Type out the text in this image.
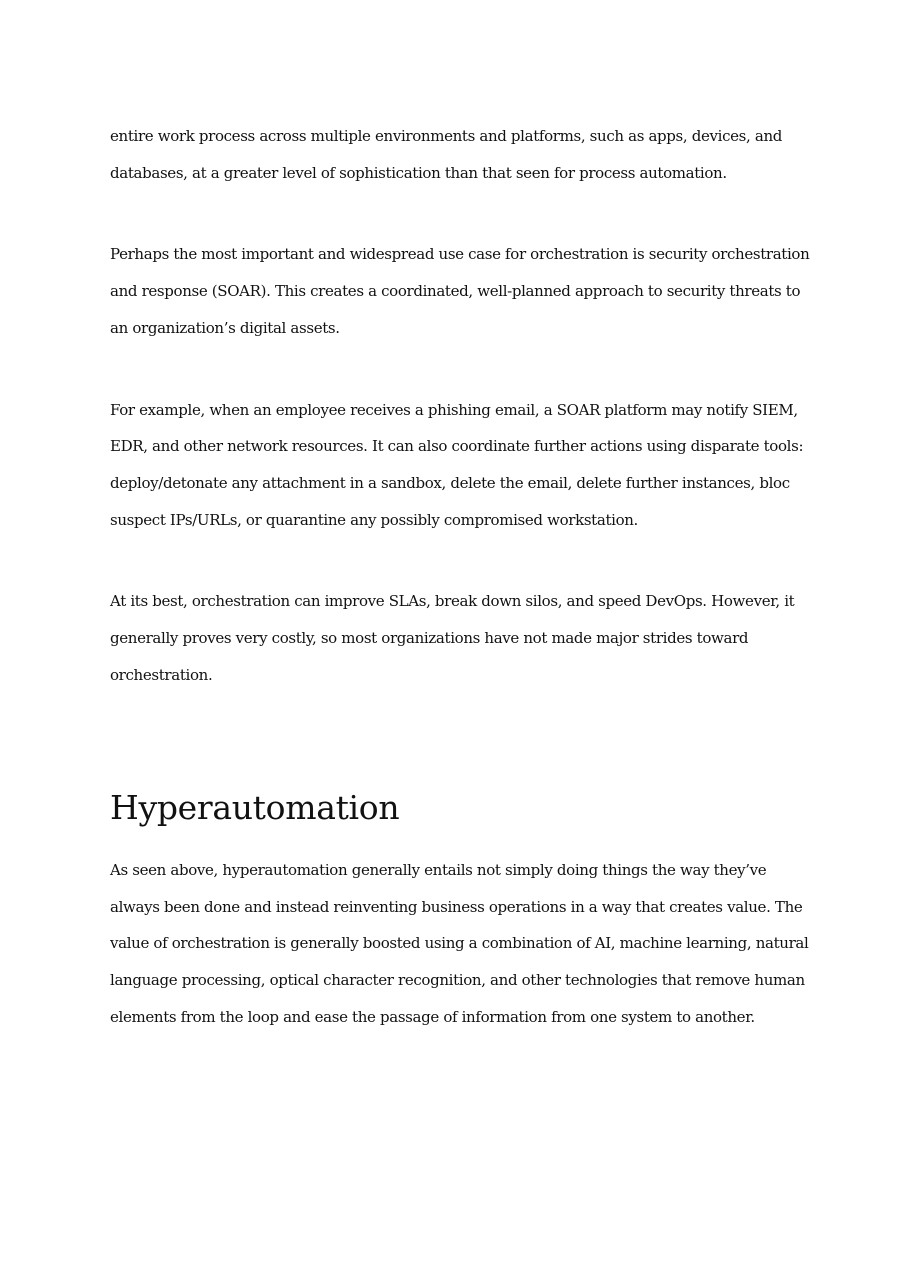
entire work process across multiple environments and platforms, such as apps, devices, and
databases, at a greater level of sophistication than that seen for process automation.

Perhaps the most important and widespread use case for orchestration is security orchestration
and response (SOAR). This creates a coordinated, well-planned approach to security threats to
an organization’s digital assets.

For example, when an employee receives a phishing email, a SOAR platform may notify SIEM,
EDR, and other network resources. It can also coordinate further actions using disparate tools:
deploy/detonate any attachment in a sandbox, delete the email, delete further instances, bloc
suspect IPs/URLs, or quarantine any possibly compromised workstation.

At its best, orchestration can improve SLAs, break down silos, and speed DevOps. However, it
generally proves very costly, so most organizations have not made major strides toward
orchestration.

Hyperautomation

As seen above, hyperautomation generally entails not simply doing things the way they’ve
always been done and instead reinventing business operations in a way that creates value. The
value of orchestration is generally boosted using a combination of AI, machine learning, natural
language processing, optical character recognition, and other technologies that remove human
elements from the loop and ease the passage of information from one system to another.
